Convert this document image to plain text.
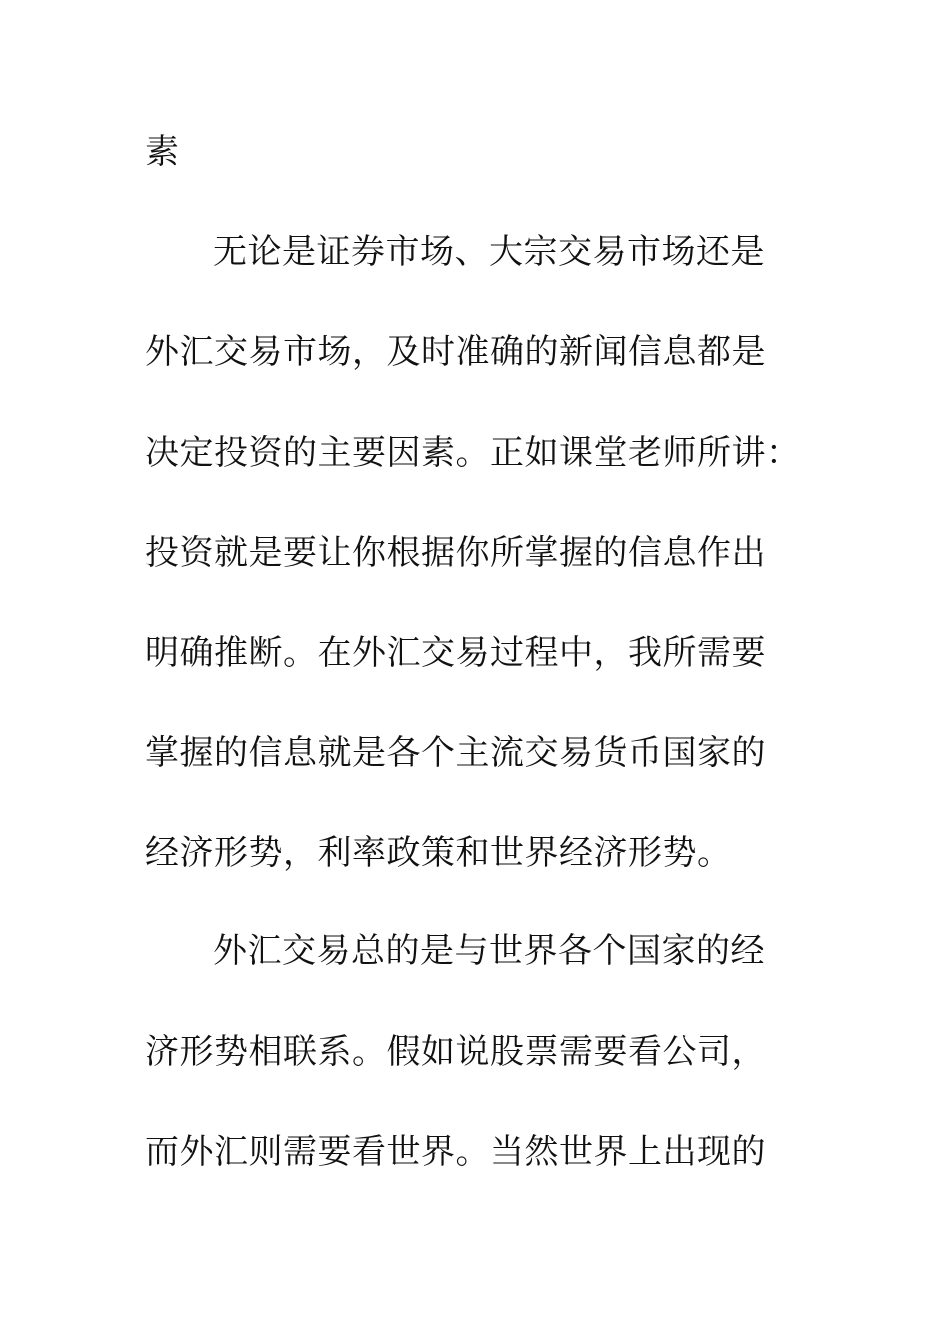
素
无论是证券市场、大宗交易市场还是
外汇交易市场，及时准确的新闻信息都是
决定投资的主要因素。正如课堂老师所讲：
投资就是要让你根据你所掌握的信息作出
明确推断。在外汇交易过程中，我所需要
掌握的信息就是各个主流交易货币国家的
经济形势，利率政策和世界经济形势。
外汇交易总的是与世界各个国家的经
济形势相联系。假如说股票需要看公司，
而外汇则需要看世界。当然世界上出现的
